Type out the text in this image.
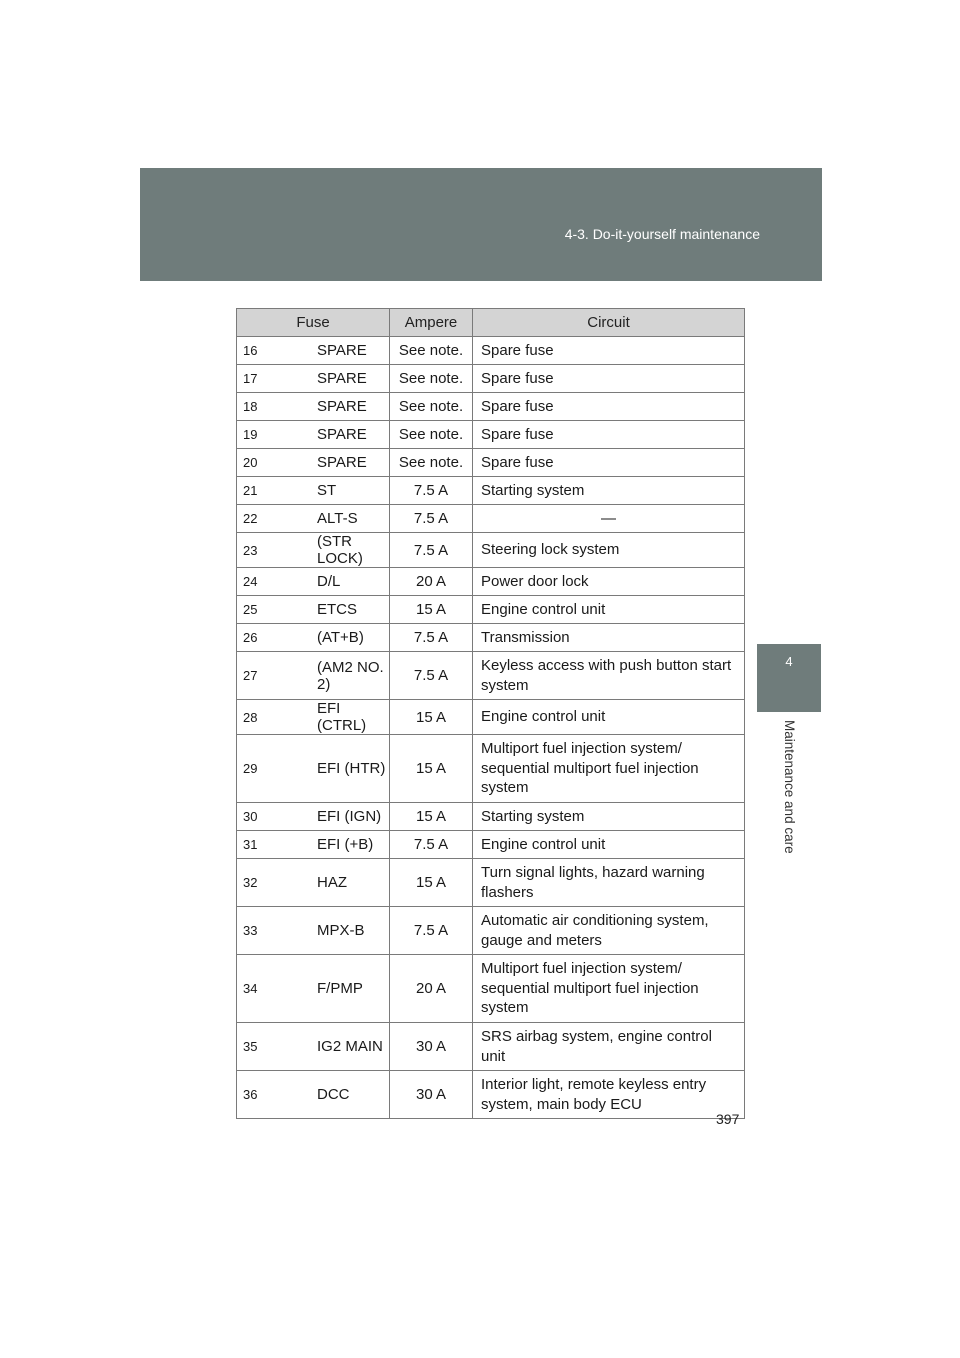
4-3. Do-it-yourself maintenance
4
Maintenance and care
Fuse		Ampere	Circuit
16	SPARE	See note.	Spare fuse
17	SPARE	See note.	Spare fuse
18	SPARE	See note.	Spare fuse
19	SPARE	See note.	Spare fuse
20	SPARE	See note.	Spare fuse
21	ST	7.5 A	Starting system
22	ALT-S	7.5 A	—
23	(STR LOCK)	7.5 A	Steering lock system
24	D/L	20 A	Power door lock
25	ETCS	15 A	Engine control unit
26	(AT+B)	7.5 A	Transmission
27	(AM2 NO. 2)	7.5 A	Keyless access with push button start system
28	EFI (CTRL)	15 A	Engine control unit
29	EFI (HTR)	15 A	Multiport fuel injection system/ sequential multiport fuel injection system
30	EFI (IGN)	15 A	Starting system
31	EFI (+B)	7.5 A	Engine control unit
32	HAZ	15 A	Turn signal lights, hazard warning flashers
33	MPX-B	7.5 A	Automatic air conditioning system, gauge and meters
34	F/PMP	20 A	Multiport fuel injection system/ sequential multiport fuel injection system
35	IG2 MAIN	30 A	SRS airbag system, engine control unit
36	DCC	30 A	Interior light, remote keyless entry system, main body ECU
397
